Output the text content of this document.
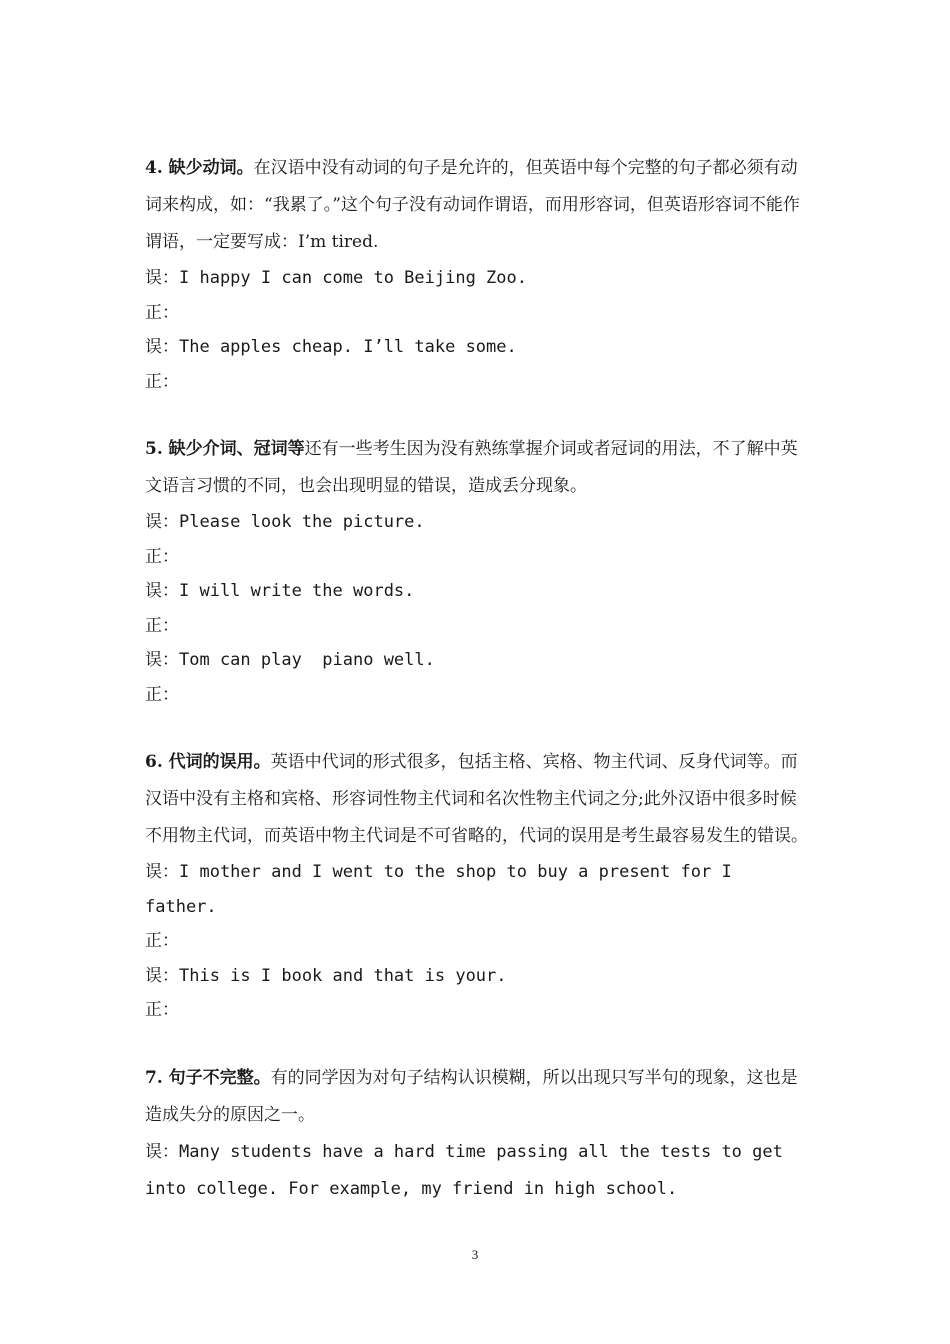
4. 缺少动词。在汉语中没有动词的句子是允许的，但英语中每个完整的句子都必须有动词来构成，如：“我累了。”这个句子没有动词作谓语，而用形容词，但英语形容词不能作谓语，一定要写成：I’m tired.

误：I happy I can come to Beijing Zoo.

正：

误：The apples cheap. I’ll take some.

正：

5. 缺少介词、冠词等还有一些考生因为没有熟练掌握介词或者冠词的用法，不了解中英文语言习惯的不同，也会出现明显的错误，造成丢分现象。

误：Please look the picture.

正：

误：I will write the words.

正：

误：Tom can play  piano well.

正：

6. 代词的误用。英语中代词的形式很多，包括主格、宾格、物主代词、反身代词等。而汉语中没有主格和宾格、形容词性物主代词和名次性物主代词之分;此外汉语中很多时候不用物主代词，而英语中物主代词是不可省略的，代词的误用是考生最容易发生的错误。

误：I mother and I went to the shop to buy a present for I father.

正：

误：This is I book and that is your.

正：

7. 句子不完整。有的同学因为对句子结构认识模糊，所以出现只写半句的现象，这也是造成失分的原因之一。

误：Many students have a hard time passing all the tests to get into college. For example, my friend in high school.

3
